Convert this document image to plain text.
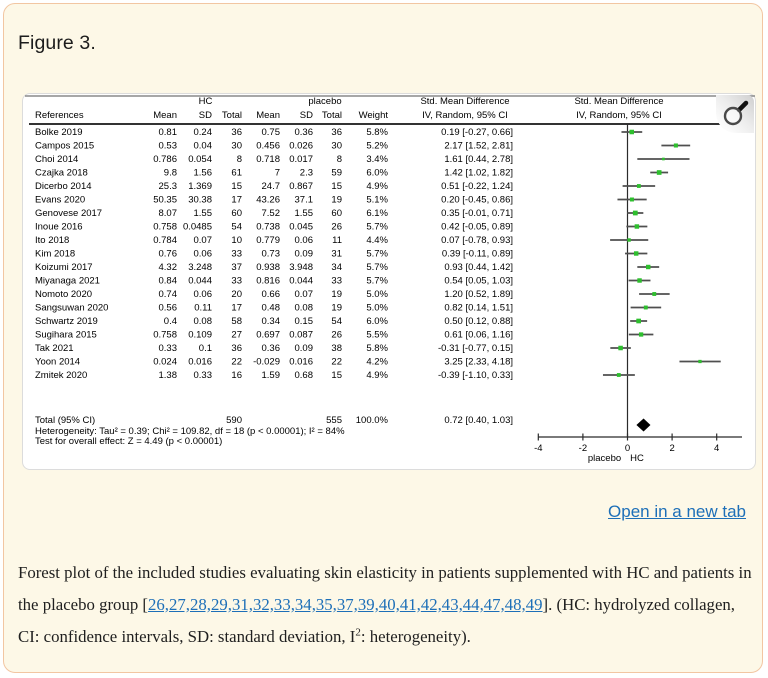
Figure 3.
HC	placebo	Std. Mean Difference	Std. Mean Difference
References	Mean SD Total Mean SD Total Weight	IV, Random, 95% CI	IV, Random, 95% CI
Bolke 2019	0.81 0.24 36 0.75 0.36 36	5.8%	0.19 [-0.27, 0.66]
Campos 2015	0.53 0.04 30 0.456 0.026 30	5.2%	2.17 [1.52, 2.81]
Choi 2014	0.786 0.054	8 0.718 0.017 8	3.4%	1.61 [0.44, 2.78]
Czajka 2018	9.8 1.56 61	7 2.3 59	6.0%	1.42 [1.02, 1.82]
Dicerbo 2014	25.3 1.369 15 24.7 0.867 15	4.9%	0.51 [-0.22, 1.24]
Evans 2020	50.35 30.38 17 43.26 37.1 19	5.1%	0.20 [-0.45, 0.86]
Genovese 2017	8.07 1.55 60 7.52 1.55 60	6.1%	0.35 [-0.01, 0.71]
Inoue 2016	0.758 0.0485 54 0.738 0.045 26	5.7%	0.42 [-0.05, 0.89]
Ito 2018	0.784 0.07 10 0.779 0.06 11	4.4%	0.07 [-0.78, 0.93]
Kim 2018	0.76 0.06 33 0.73 0.09 31	5.7%	0.39 [-0.11, 0.89]
Koizumi 2017	4.32 3.248 37 0.938 3.948 34	5.7%	0.93 [0.44, 1.42]
Miyanaga 2021	0.84 0.044 33 0.816 0.044 33	5.7%	0.54 [0.05, 1.03]
Nomoto 2020	0.74 0.06 20 0.66 0.07 19	5.0%	1.20 [0.52, 1.89]
Sangsuwan 2020	0.56 0.11 17 0.48 0.08 19	5.0%	0.82 [0.14, 1.51]
Schwartz 2019	0.4 0.08 58 0.34 0.15 54	6.0%	0.50 [0.12, 0.88]
Sugihara 2015	0.758 0.109 27 0.697 0.087 26	5.5%	0.61 [0.06, 1.16]
Tak 2021	0.33 0.1 36 0.36 0.09 38	5.8%	-0.31 [-0.77, 0.15]
Yoon 2014	0.024 0.016 22 -0.029 0.016 22	4.2%	3.25 [2.33, 4.18]
Zmitek 2020	1.38 0.33 16 1.59 0.68 15	4.9%	-0.39 [-1.10, 0.33]
Total (95% CI)	590	555 100.0%	0.72 [0.40, 1.03]
Heterogeneity: Tau² = 0.39; Chi² = 109.82, df = 18 (p < 0.00001); I² = 84%
Test for overall effect: Z = 4.49 (p < 0.00001)
-4	-2	0	2	4
placebo HC
Open in a new tab

Forest plot of the included studies evaluating skin elasticity in patients supplemented with HC and patients in the placebo group [26,27,28,29,31,32,33,34,35,37,39,40,41,42,43,44,47,48,49]. (HC: hydrolyzed collagen, CI: confidence intervals, SD: standard deviation, $I^2$: heterogeneity).
